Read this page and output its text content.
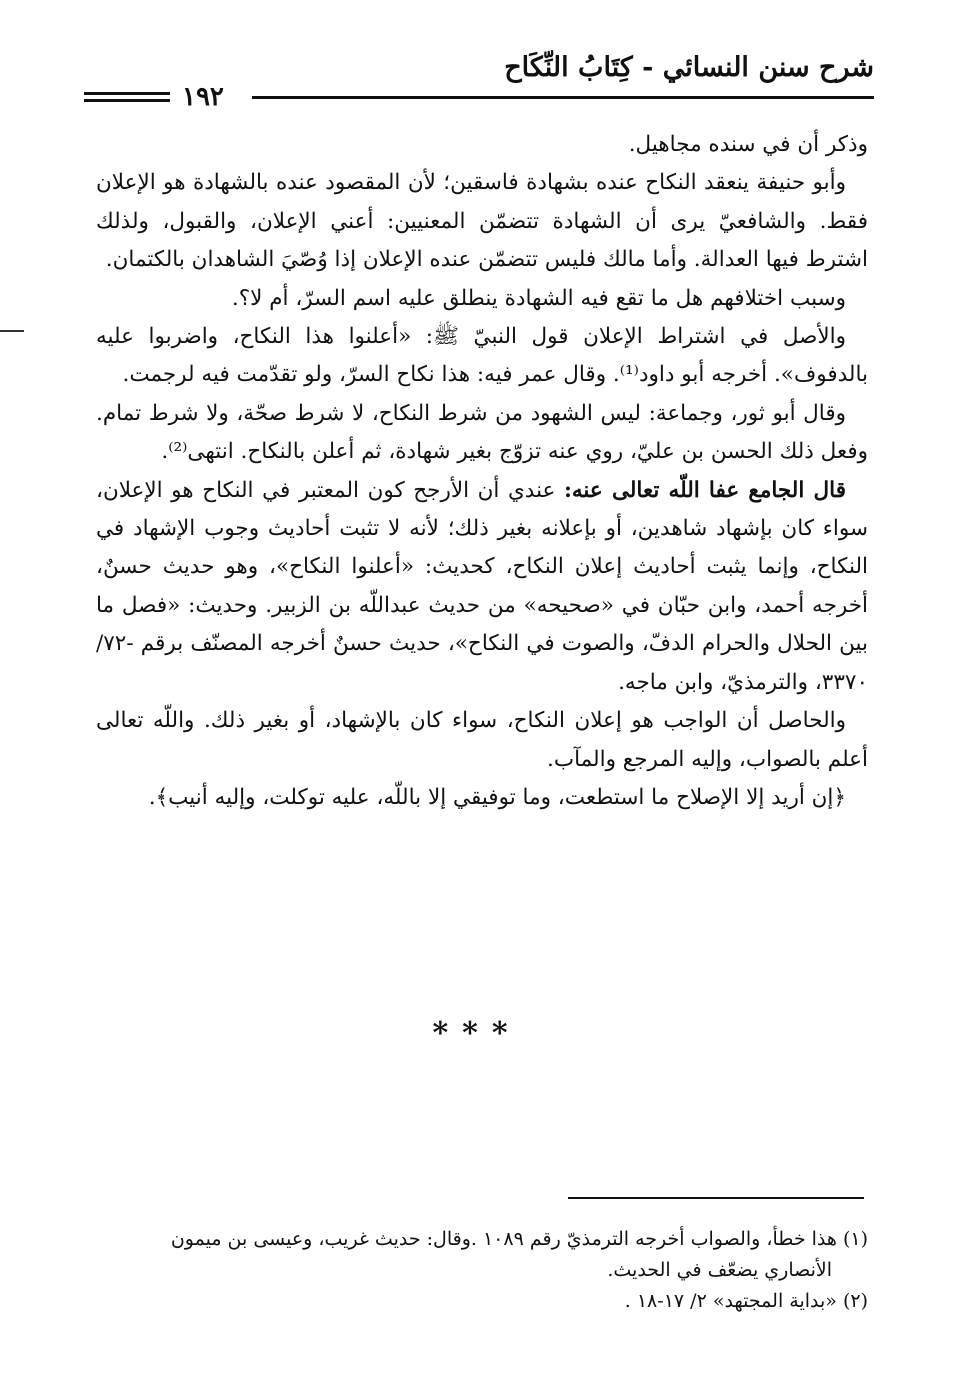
شرح سنن النسائي - كِتَابُ النِّكَاح
١٩٢

وذكر أن في سنده مجاهيل.

وأبو حنيفة ينعقد النكاح عنده بشهادة فاسقين؛ لأن المقصود عنده بالشهادة هو الإعلان فقط. والشافعيّ يرى أن الشهادة تتضمّن المعنيين: أعني الإعلان، والقبول، ولذلك اشترط فيها العدالة. وأما مالك فليس تتضمّن عنده الإعلان إذا وُصّيَ الشاهدان بالكتمان.

وسبب اختلافهم هل ما تقع فيه الشهادة ينطلق عليه اسم السرّ، أم لا؟.

والأصل في اشتراط الإعلان قول النبيّ ﷺ: «أعلنوا هذا النكاح، واضربوا عليه بالدفوف». أخرجه أبو داود⁽¹⁾. وقال عمر فيه: هذا نكاح السرّ، ولو تقدّمت فيه لرجمت.

وقال أبو ثور، وجماعة: ليس الشهود من شرط النكاح، لا شرط صحّة، ولا شرط تمام. وفعل ذلك الحسن بن عليّ، روي عنه تزوّج بغير شهادة، ثم أعلن بالنكاح. انتهى⁽²⁾.

قال الجامع عفا اللّه تعالى عنه: عندي أن الأرجح كون المعتبر في النكاح هو الإعلان، سواء كان بإشهاد شاهدين، أو بإعلانه بغير ذلك؛ لأنه لا تثبت أحاديث وجوب الإشهاد في النكاح، وإنما يثبت أحاديث إعلان النكاح، كحديث: «أعلنوا النكاح»، وهو حديث حسنٌ، أخرجه أحمد، وابن حبّان في «صحيحه» من حديث عبداللّه بن الزبير. وحديث: «فصل ما بين الحلال والحرام الدفّ، والصوت في النكاح»، حديث حسنٌ أخرجه المصنّف برقم -٧٢/ ٣٣٧٠، والترمذيّ، وابن ماجه.

والحاصل أن الواجب هو إعلان النكاح، سواء كان بالإشهاد، أو بغير ذلك. واللّه تعالى أعلم بالصواب، وإليه المرجع والمآب.

﴿إن أريد إلا الإصلاح ما استطعت، وما توفيقي إلا باللّه، عليه توكلت، وإليه أنيب﴾.

***

(١) هذا خطأ، والصواب أخرجه الترمذيّ رقم ١٠٨٩ .وقال: حديث غريب، وعيسى بن ميمون

الأنصاري يضعّف في الحديث.

(٢) «بداية المجتهد» ٢/ ١٧-١٨ .
